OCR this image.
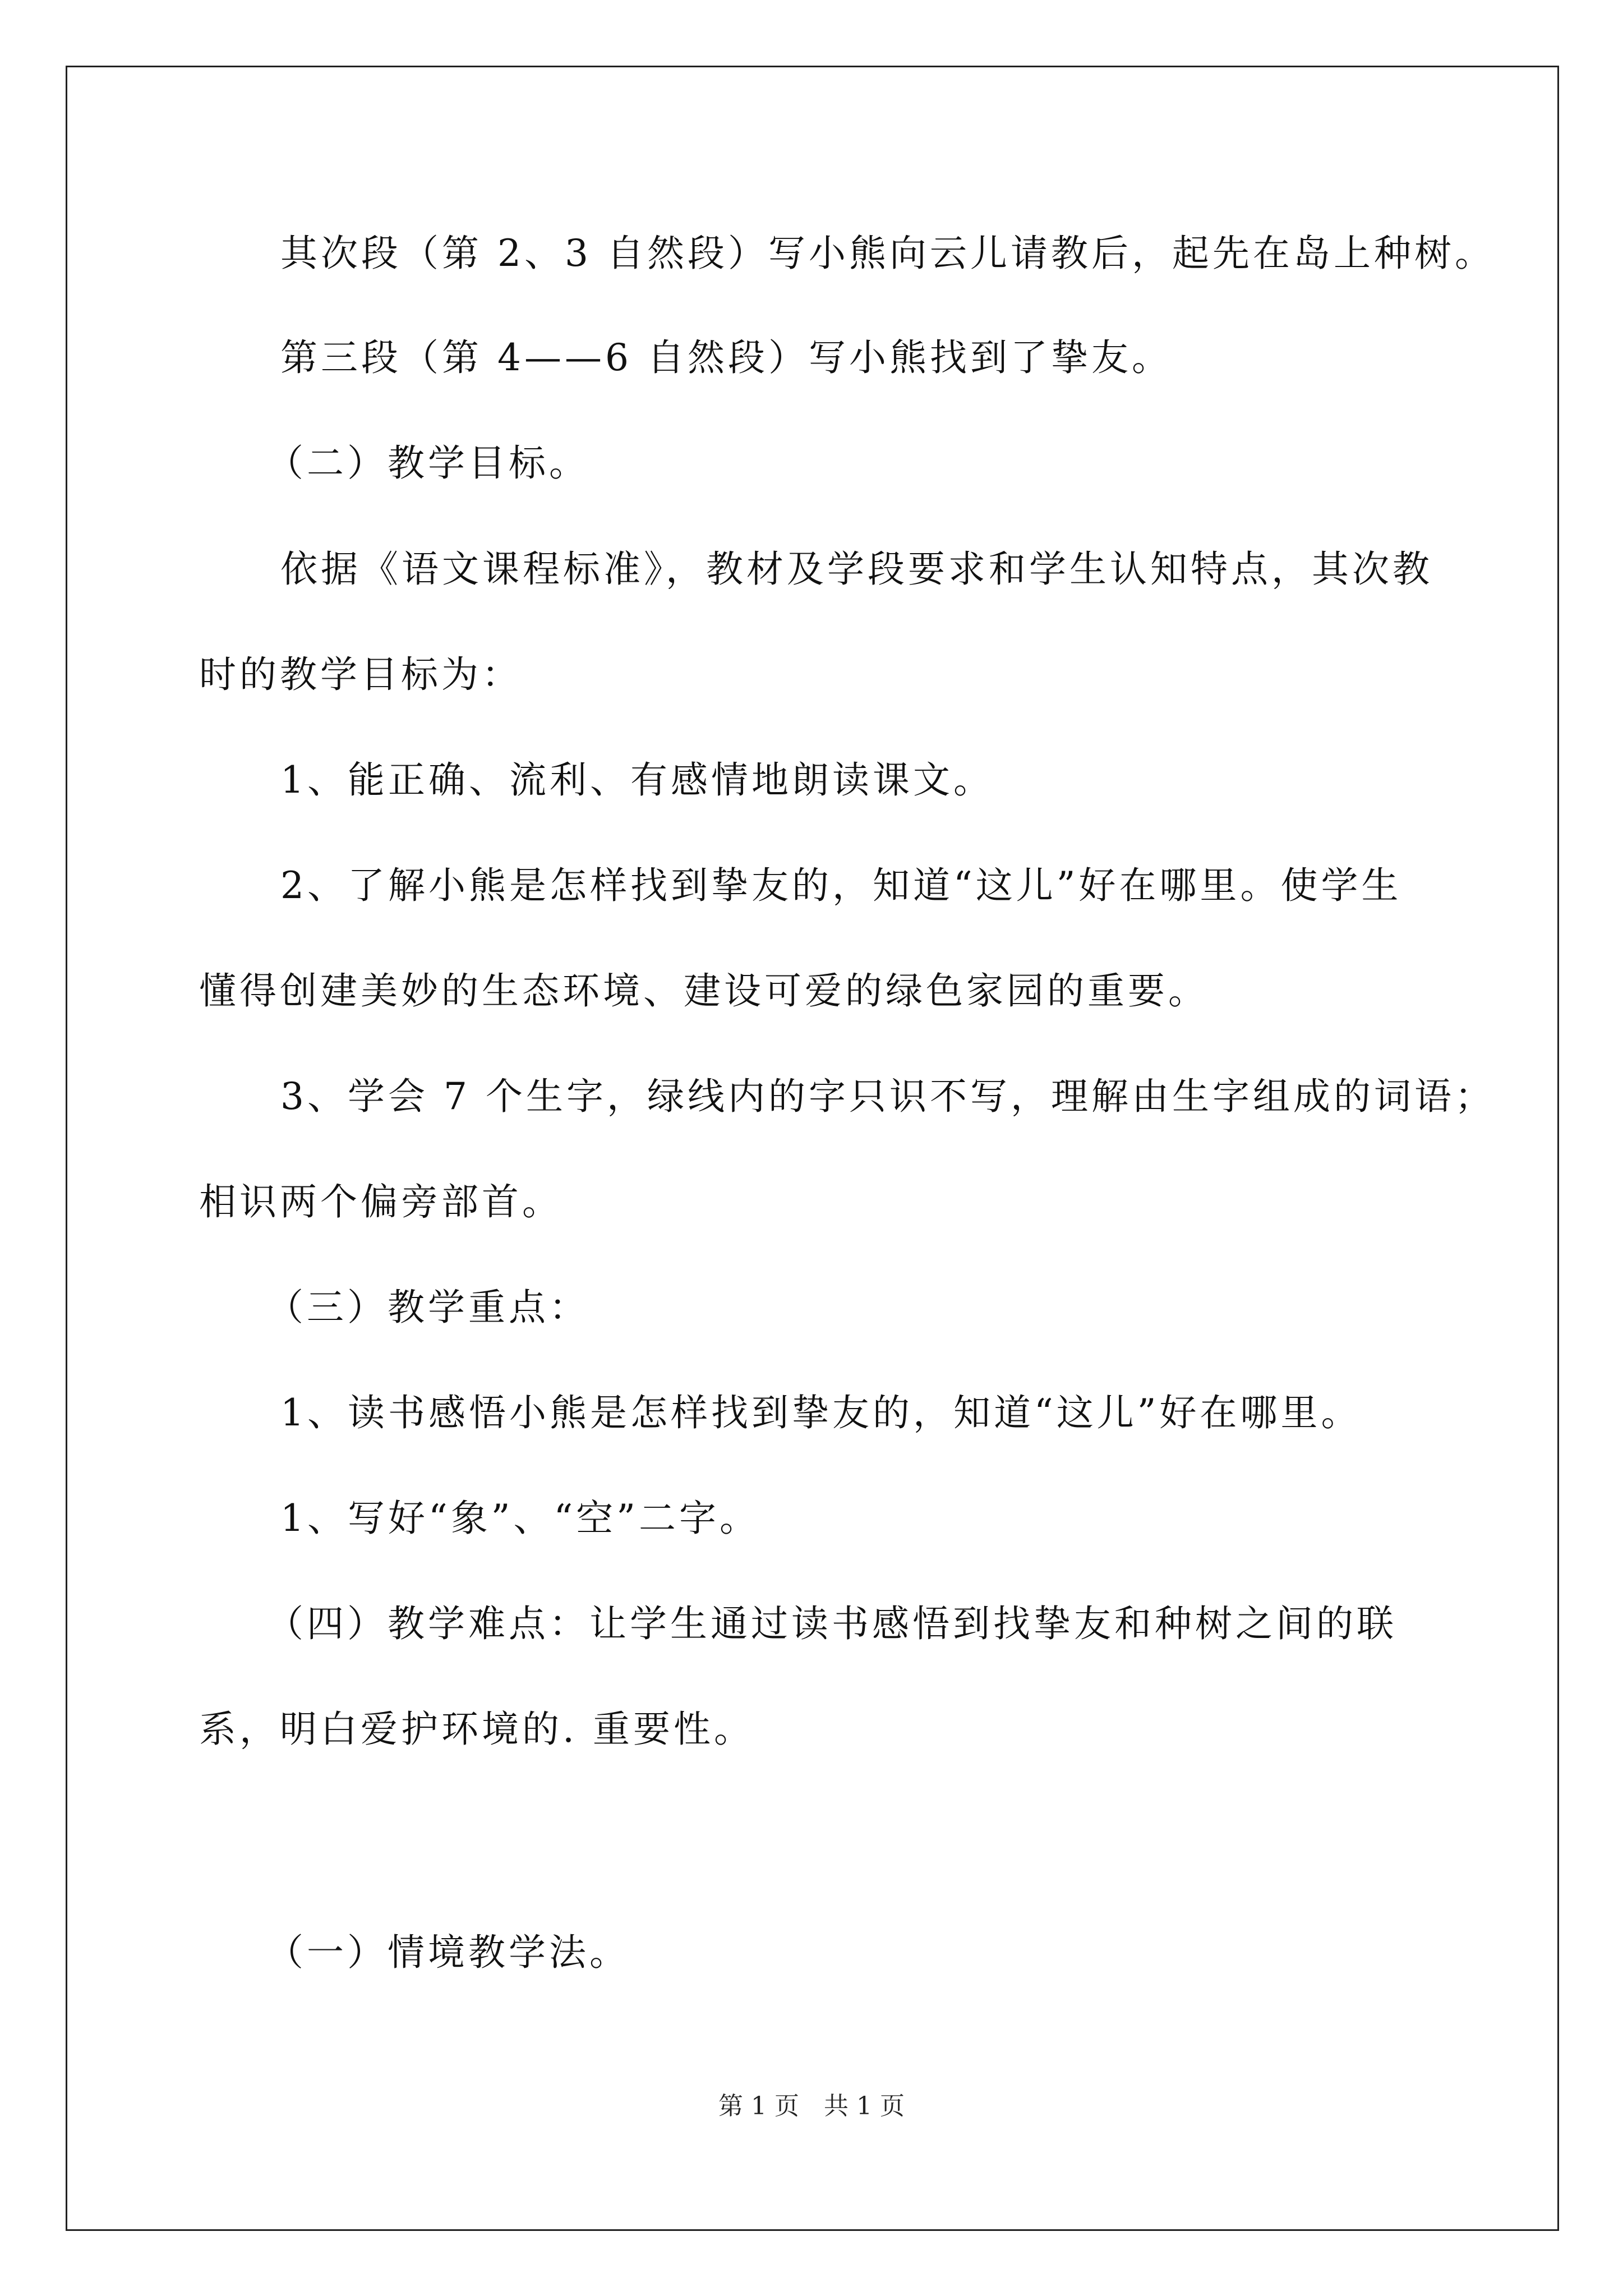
其次段（第 2、3 自然段）写小熊向云儿请教后，起先在岛上种树。
第三段（第 4——6 自然段）写小熊找到了挚友。
（二）教学目标。
依据《语文课程标准》，教材及学段要求和学生认知特点，其次教
时的教学目标为：
1、能正确、流利、有感情地朗读课文。
2、了解小熊是怎样找到挚友的，知道“这儿”好在哪里。使学生
懂得创建美妙的生态环境、建设可爱的绿色家园的重要。
3、学会 7 个生字，绿线内的字只识不写，理解由生字组成的词语；
相识两个偏旁部首。
（三）教学重点：
1、读书感悟小熊是怎样找到挚友的，知道“这儿”好在哪里。
1、写好“象”、“空”二字。
（四）教学难点：让学生通过读书感悟到找挚友和种树之间的联
系，明白爱护环境的. 重要性。
（一）情境教学法。
第 1 页　共 1 页
